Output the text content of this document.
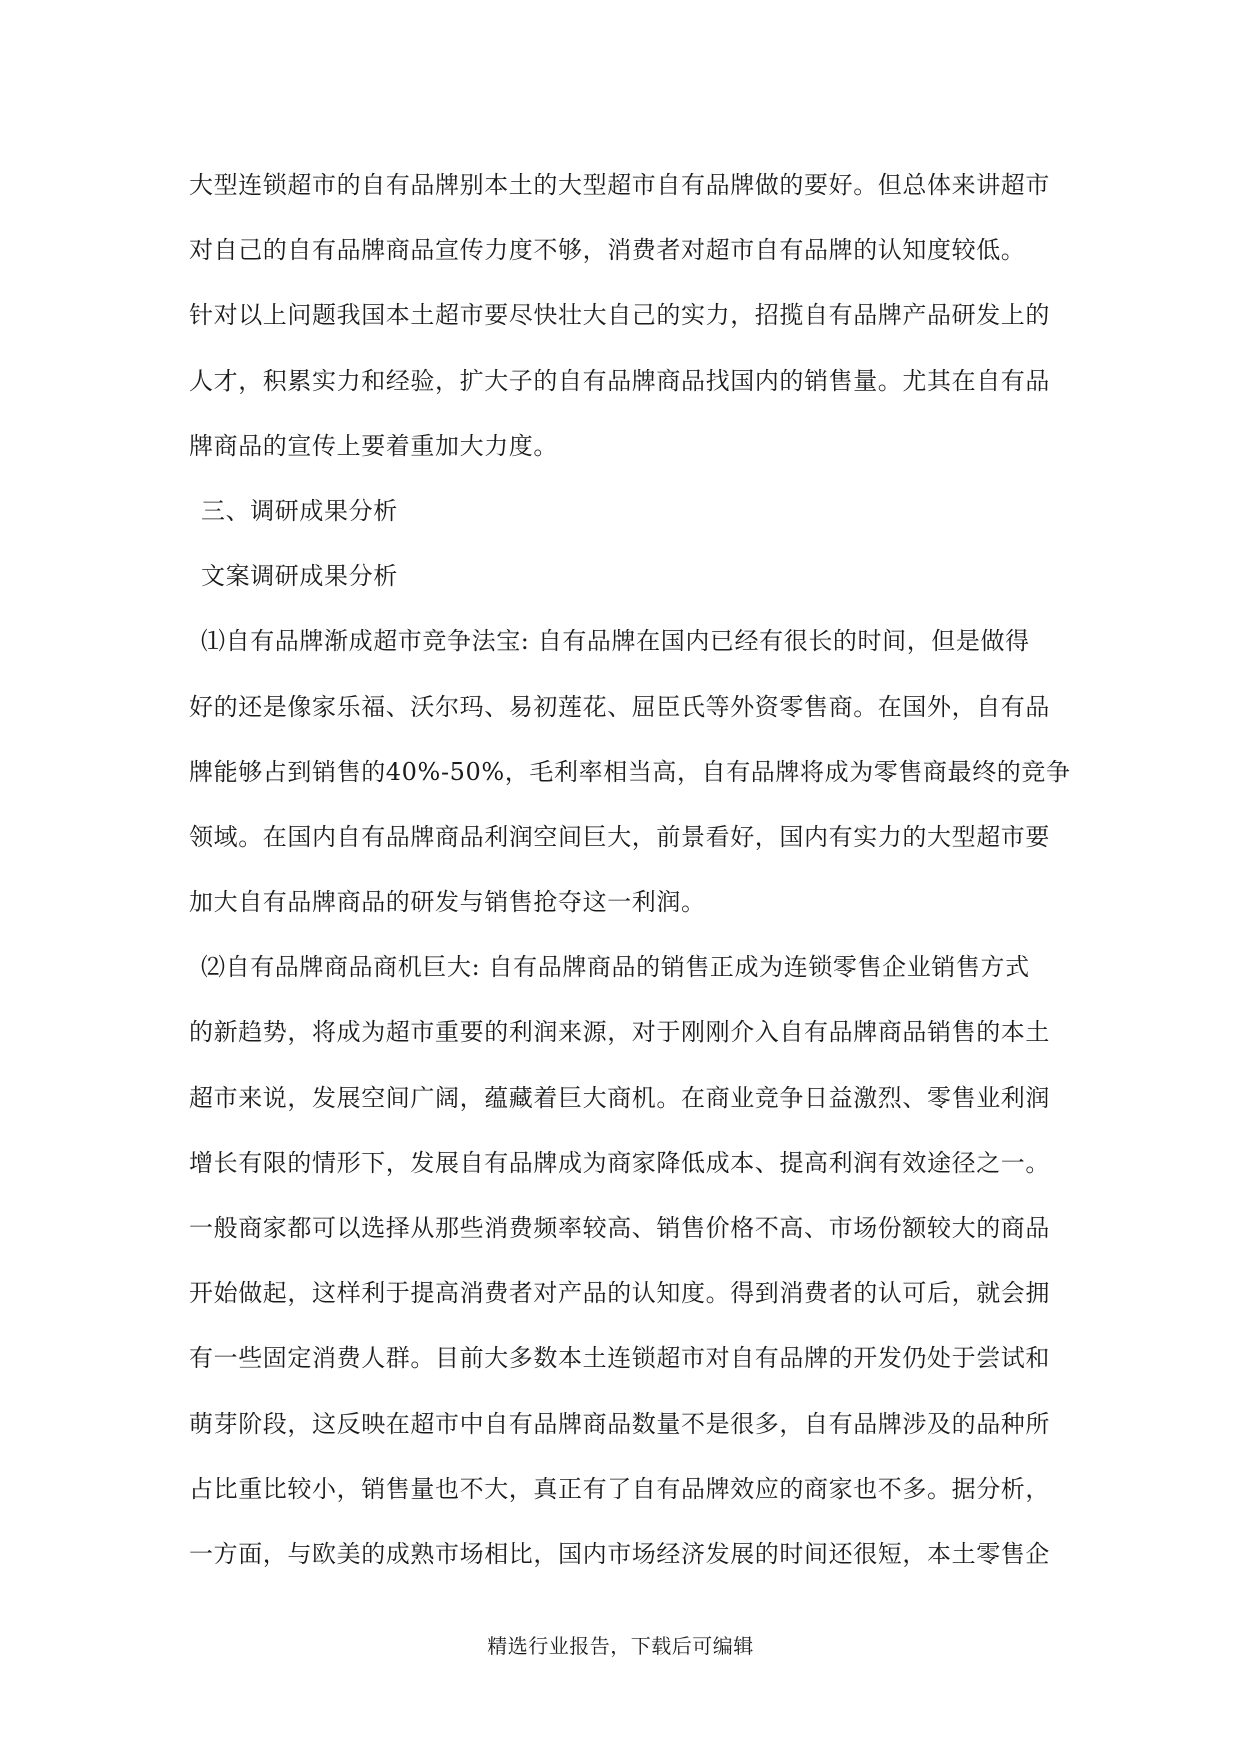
大型连锁超市的自有品牌别本土的大型超市自有品牌做的要好。但总体来讲超市

对自己的自有品牌商品宣传力度不够，消费者对超市自有品牌的认知度较低。

针对以上问题我国本土超市要尽快壮大自己的实力，招揽自有品牌产品研发上的

人才，积累实力和经验，扩大子的自有品牌商品找国内的销售量。尤其在自有品

牌商品的宣传上要着重加大力度。

三、调研成果分析

文案调研成果分析

⑴自有品牌渐成超市竞争法宝: 自有品牌在国内已经有很长的时间，但是做得

好的还是像家乐福、沃尔玛、易初莲花、屈臣氏等外资零售商。在国外，自有品

牌能够占到销售的40%-50%，毛利率相当高，自有品牌将成为零售商最终的竞争

领域。在国内自有品牌商品利润空间巨大，前景看好，国内有实力的大型超市要

加大自有品牌商品的研发与销售抢夺这一利润。

⑵自有品牌商品商机巨大: 自有品牌商品的销售正成为连锁零售企业销售方式

的新趋势，将成为超市重要的利润来源，对于刚刚介入自有品牌商品销售的本土

超市来说，发展空间广阔，蕴藏着巨大商机。在商业竞争日益激烈、零售业利润

增长有限的情形下，发展自有品牌成为商家降低成本、提高利润有效途径之一。

一般商家都可以选择从那些消费频率较高、销售价格不高、市场份额较大的商品

开始做起，这样利于提高消费者对产品的认知度。得到消费者的认可后，就会拥

有一些固定消费人群。目前大多数本土连锁超市对自有品牌的开发仍处于尝试和

萌芽阶段，这反映在超市中自有品牌商品数量不是很多，自有品牌涉及的品种所

占比重比较小，销售量也不大，真正有了自有品牌效应的商家也不多。据分析，

一方面，与欧美的成熟市场相比，国内市场经济发展的时间还很短，本土零售企

精选行业报告，下载后可编辑
